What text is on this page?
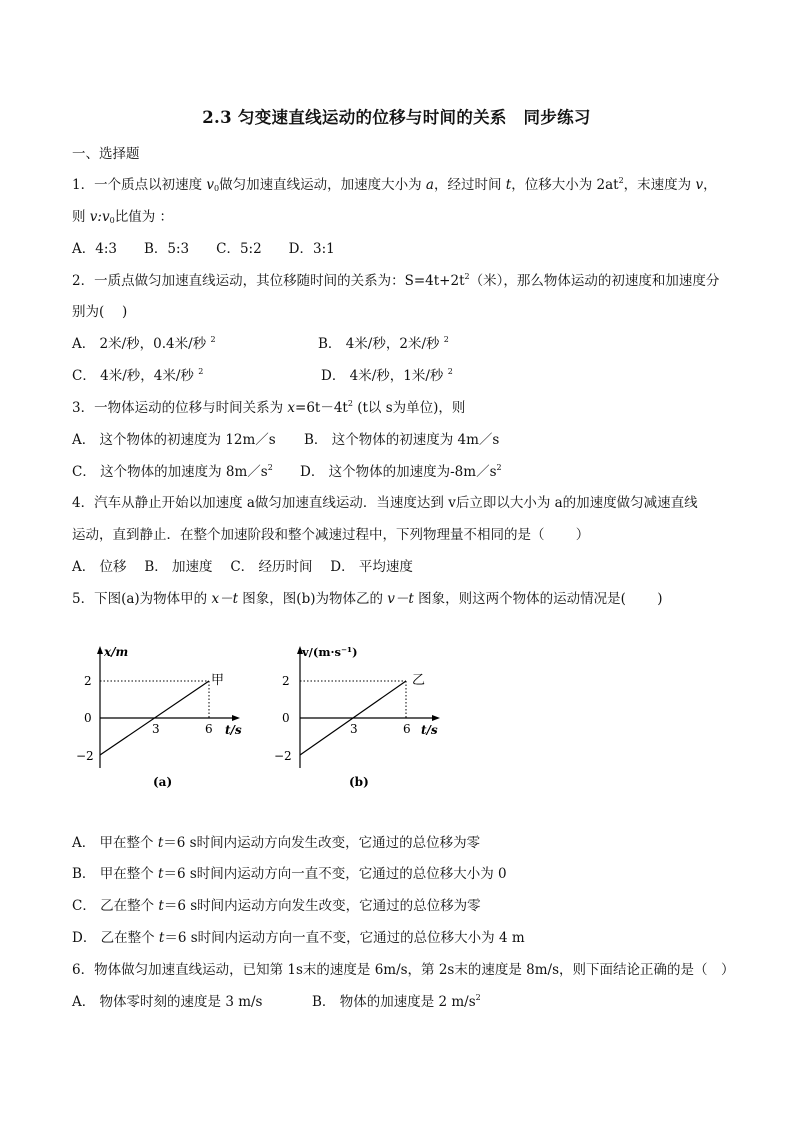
2.3 匀变速直线运动的位移与时间的关系　同步练习
一、选择题
1．一个质点以初速度 $v_0$做匀加速直线运动，加速度大小为 a，经过时间 t，位移大小为 $2at^2$，末速度为 v，
则 $v:v_0$比值为 ：
A．4:3　　B．5:3　　C．5:2　　D．3:1
2．一质点做匀加速直线运动，其位移随时间的关系为：$S=4t+2t^2$（米），那么物体运动的初速度和加速度分
别为(　 )
A． 2米/秒，0.4米/秒 $^2$	B． 4米/秒，2米/秒 $^2$
C． 4米/秒，4米/秒 $^2$	D． 4米/秒，1米/秒 $^2$
3．一物体运动的位移与时间关系为 $x=6t-4t^2$ (t以 s为单位)，则
A． 这个物体的初速度为 12m／s B． 这个物体的初速度为 4m／s
C． 这个物体的加速度为 $8m/s^2$ D． 这个物体的加速度为$-8m/s^2$
4．汽车从静止开始以加速度 a做匀加速直线运动．当速度达到 v后立即以大小为 a的加速度做匀减速直线
运动，直到静止．在整个加速阶段和整个减速过程中，下列物理量不相同的是（　　 ）
A． 位移　 B． 加速度　 C． 经历时间　 D． 平均速度
5．下图(a)为物体甲的 x－t 图象，图(b)为物体乙的 v－t 图象，则这两个物体的运动情况是(　　 )
x/m
甲
2
0
−2
3	6 t/s
(a)
v/(m·s⁻¹)
乙
2
0
−2
3	6 t/s
(b)
A． 甲在整个 t＝6 s时间内运动方向发生改变，它通过的总位移为零
B． 甲在整个 t＝6 s时间内运动方向一直不变，它通过的总位移大小为 0
C． 乙在整个 t＝6 s时间内运动方向发生改变，它通过的总位移为零
D． 乙在整个 t＝6 s时间内运动方向一直不变，它通过的总位移大小为 4 m
6．物体做匀加速直线运动，已知第 1s末的速度是 6m/s，第 2s末的速度是 8m/s，则下面结论正确的是（　）
A． 物体零时刻的速度是 3 m/s	B． 物体的加速度是 2 $m/s^2$
